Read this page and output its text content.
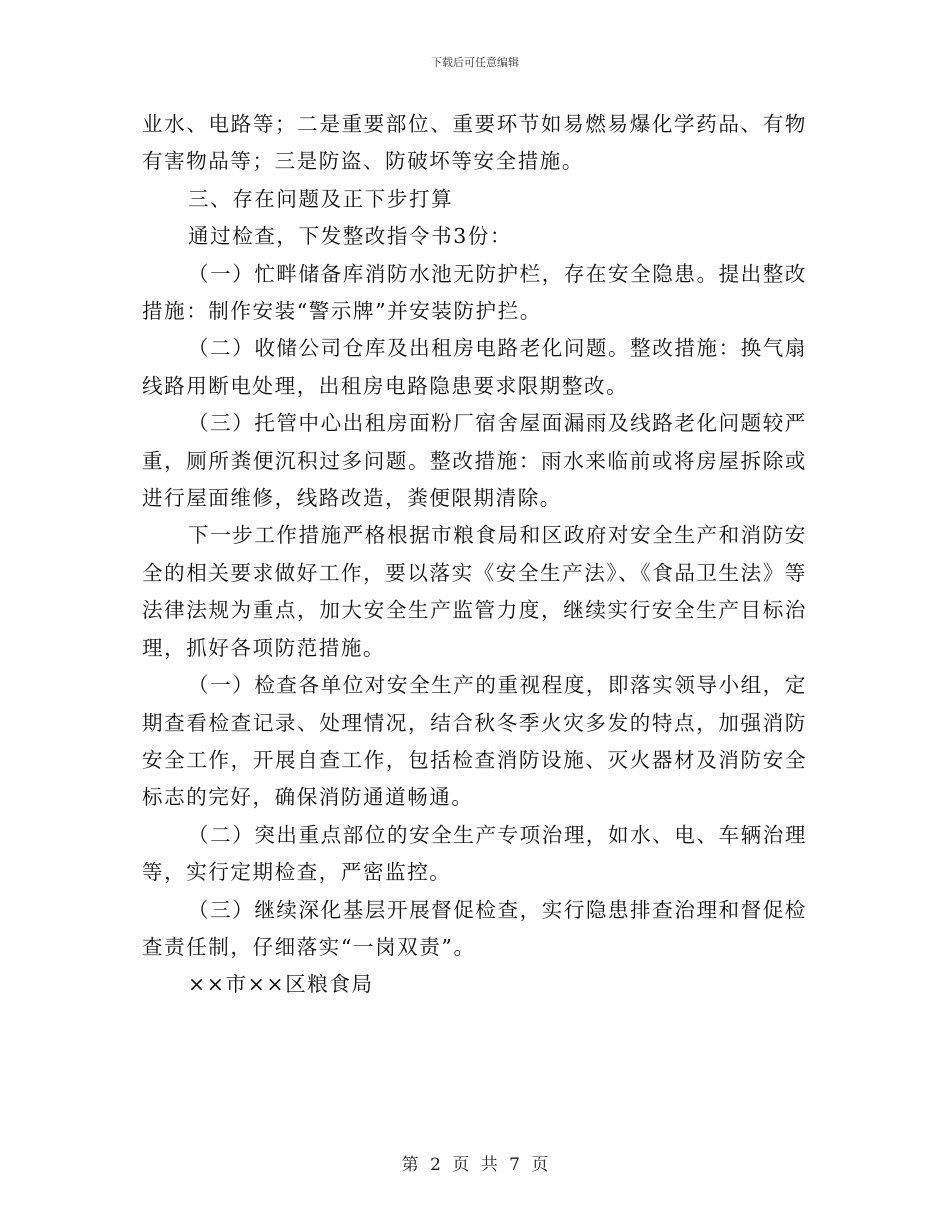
下载后可任意编辑

业水、电路等；二是重要部位、重要环节如易燃易爆化学药品、有物有害物品等；三是防盗、防破坏等安全措施。

三、存在问题及正下步打算

通过检查，下发整改指令书3份：

（一）忙畔储备库消防水池无防护栏，存在安全隐患。提出整改措施：制作安装“警示牌”并安装防护拦。

（二）收储公司仓库及出租房电路老化问题。整改措施：换气扇线路用断电处理，出租房电路隐患要求限期整改。

（三）托管中心出租房面粉厂宿舍屋面漏雨及线路老化问题较严重，厕所粪便沉积过多问题。整改措施：雨水来临前或将房屋拆除或进行屋面维修，线路改造，粪便限期清除。

下一步工作措施严格根据市粮食局和区政府对安全生产和消防安全的相关要求做好工作，要以落实《安全生产法》、《食品卫生法》等法律法规为重点，加大安全生产监管力度，继续实行安全生产目标治理，抓好各项防范措施。

（一）检查各单位对安全生产的重视程度，即落实领导小组，定期查看检查记录、处理情况，结合秋冬季火灾多发的特点，加强消防安全工作，开展自查工作，包括检查消防设施、灭火器材及消防安全标志的完好，确保消防通道畅通。

（二）突出重点部位的安全生产专项治理，如水、电、车辆治理等，实行定期检查，严密监控。

（三）继续深化基层开展督促检查，实行隐患排查治理和督促检查责任制，仔细落实“一岗双责”。

××市××区粮食局

第 2 页 共 7 页
